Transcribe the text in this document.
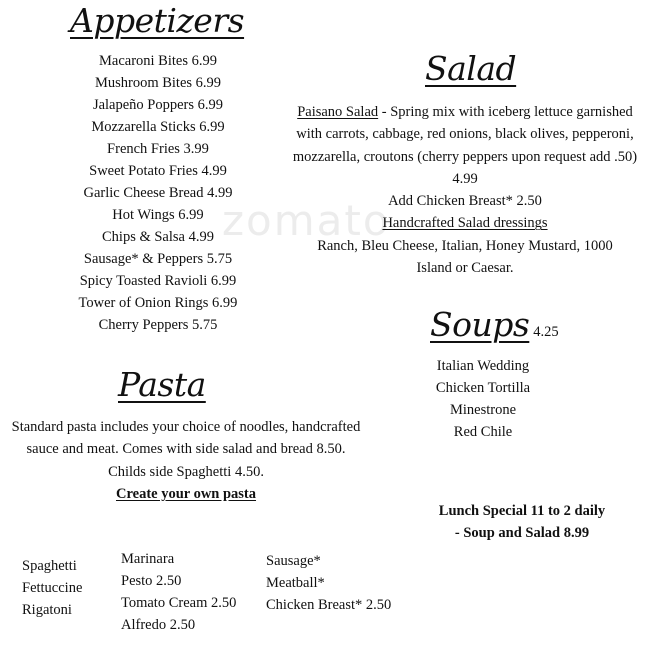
zomato
Appetizers

Macaroni Bites 6.99

Mushroom Bites 6.99

Jalapeño Poppers 6.99

Mozzarella Sticks 6.99

French Fries 3.99

Sweet Potato Fries 4.99

Garlic Cheese Bread 4.99

Hot Wings 6.99

Chips & Salsa 4.99

Sausage* & Peppers 5.75

Spicy Toasted Ravioli 6.99

Tower of Onion Rings 6.99

Cherry Peppers 5.75

Salad

Paisano Salad - Spring mix with iceberg lettuce garnished with carrots, cabbage, red onions, black olives, pepperoni, mozzarella, croutons (cherry peppers upon request add .50) 4.99

Add Chicken Breast* 2.50

Handcrafted Salad dressings

Ranch, Bleu Cheese, Italian, Honey Mustard, 1000 Island or Caesar.

Soups 4.25

Italian Wedding

Chicken Tortilla

Minestrone

Red Chile

Lunch Special 11 to 2 daily

- Soup and Salad 8.99

Pasta

Standard pasta includes your choice of noodles, handcrafted sauce and meat. Comes with side salad and bread 8.50.

Childs side Spaghetti 4.50.

Create your own pasta

Spaghetti

Fettuccine

Rigatoni

Marinara

Pesto 2.50

Tomato Cream 2.50

Alfredo 2.50

Sausage*

Meatball*

Chicken Breast* 2.50
